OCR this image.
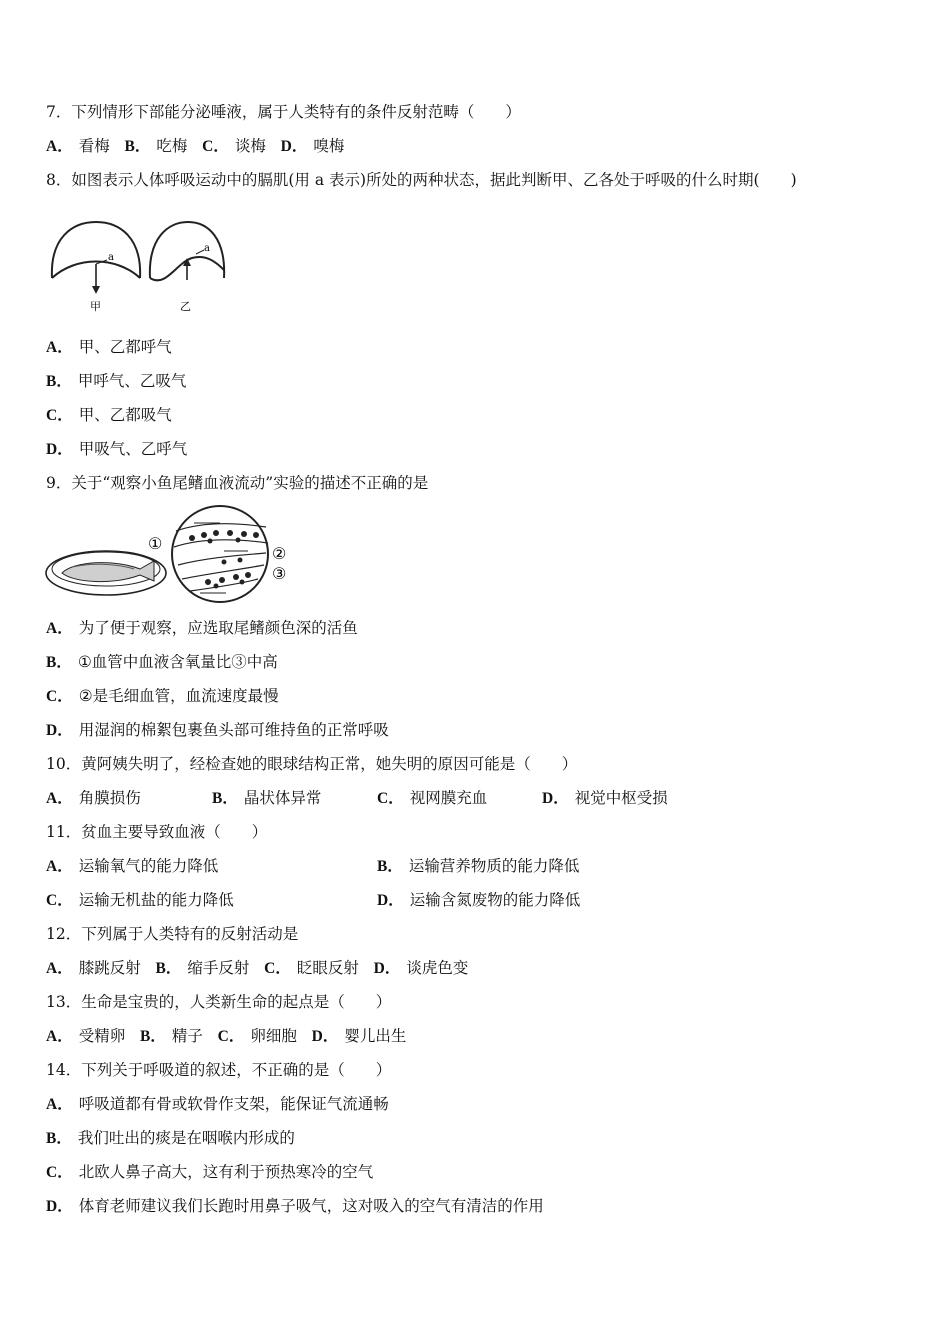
7．下列情形下部能分泌唾液，属于人类特有的条件反射范畴（　　）
A． 看梅 B． 吃梅 C． 谈梅 D． 嗅梅
8．如图表示人体呼吸运动中的膈肌(用 a 表示)所处的两种状态，据此判断甲、乙各处于呼吸的什么时期(　　)
a
a
甲	乙
A． 甲、乙都呼气
B． 甲呼气、乙吸气
C． 甲、乙都吸气
D． 甲吸气、乙呼气
9．关于“观察小鱼尾鳍血液流动”实验的描述不正确的是
①
②
③
A． 为了便于观察，应选取尾鳍颜色深的活鱼
B． ①血管中血液含氧量比③中高
C． ②是毛细血管，血流速度最慢
D． 用湿润的棉絮包裹鱼头部可维持鱼的正常呼吸
10．黄阿姨失明了，经检查她的眼球结构正常，她失明的原因可能是（　　）
A． 角膜损伤	B． 晶状体异常	C． 视网膜充血	D． 视觉中枢受损
11．贫血主要导致血液（　　）
A． 运输氧气的能力降低	B． 运输营养物质的能力降低
C． 运输无机盐的能力降低	D． 运输含氮废物的能力降低
12．下列属于人类特有的反射活动是
A． 膝跳反射 B． 缩手反射 C． 眨眼反射 D． 谈虎色变
13．生命是宝贵的，人类新生命的起点是（　　）
A． 受精卵 B． 精子 C． 卵细胞 D． 婴儿出生
14．下列关于呼吸道的叙述，不正确的是（　　）
A． 呼吸道都有骨或软骨作支架，能保证气流通畅
B． 我们吐出的痰是在咽喉内形成的
C． 北欧人鼻子高大，这有利于预热寒冷的空气
D． 体育老师建议我们长跑时用鼻子吸气，这对吸入的空气有清洁的作用
